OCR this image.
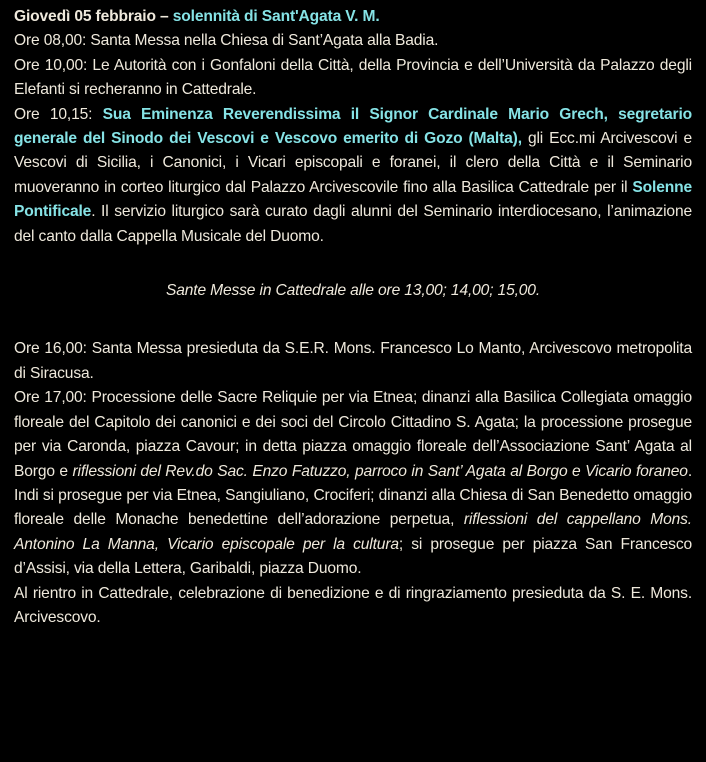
Giovedì 05 febbraio – solennità di Sant'Agata V. M.

Ore 08,00: Santa Messa nella Chiesa di Sant’Agata alla Badia.

Ore 10,00: Le Autorità con i Gonfaloni della Città, della Provincia e dell’Università da Palazzo degli Elefanti si recheranno in Cattedrale.

Ore 10,15: Sua Eminenza Reverendissima il Signor Cardinale Mario Grech, segretario generale del Sinodo dei Vescovi e Vescovo emerito di Gozo (Malta), gli Ecc.mi Arcivescovi e Vescovi di Sicilia, i Canonici, i Vicari episcopali e foranei, il clero della Città e il Seminario muoveranno in corteo liturgico dal Palazzo Arcivescovile fino alla Basilica Cattedrale per il Solenne Pontificale. Il servizio liturgico sarà curato dagli alunni del Seminario interdiocesano, l’animazione del canto dalla Cappella Musicale del Duomo.

Sante Messe in Cattedrale alle ore 13,00; 14,00; 15,00.

Ore 16,00: Santa Messa presieduta da S.E.R. Mons. Francesco Lo Manto, Arcivescovo metropolita di Siracusa.

Ore 17,00: Processione delle Sacre Reliquie per via Etnea; dinanzi alla Basilica Collegiata omaggio floreale del Capitolo dei canonici e dei soci del Circolo Cittadino S. Agata; la processione prosegue per via Caronda, piazza Cavour; in detta piazza omaggio floreale dell’Associazione Sant’ Agata al Borgo e riflessioni del Rev.do Sac. Enzo Fatuzzo, parroco in Sant’ Agata al Borgo e Vicario foraneo. Indi si prosegue per via Etnea, Sangiuliano, Crociferi; dinanzi alla Chiesa di San Benedetto omaggio floreale delle Monache benedettine dell’adorazione perpetua, riflessioni del cappellano Mons. Antonino La Manna, Vicario episcopale per la cultura; si prosegue per piazza San Francesco d’Assisi, via della Lettera, Garibaldi, piazza Duomo.

Al rientro in Cattedrale, celebrazione di benedizione e di ringraziamento presieduta da S. E. Mons. Arcivescovo.
